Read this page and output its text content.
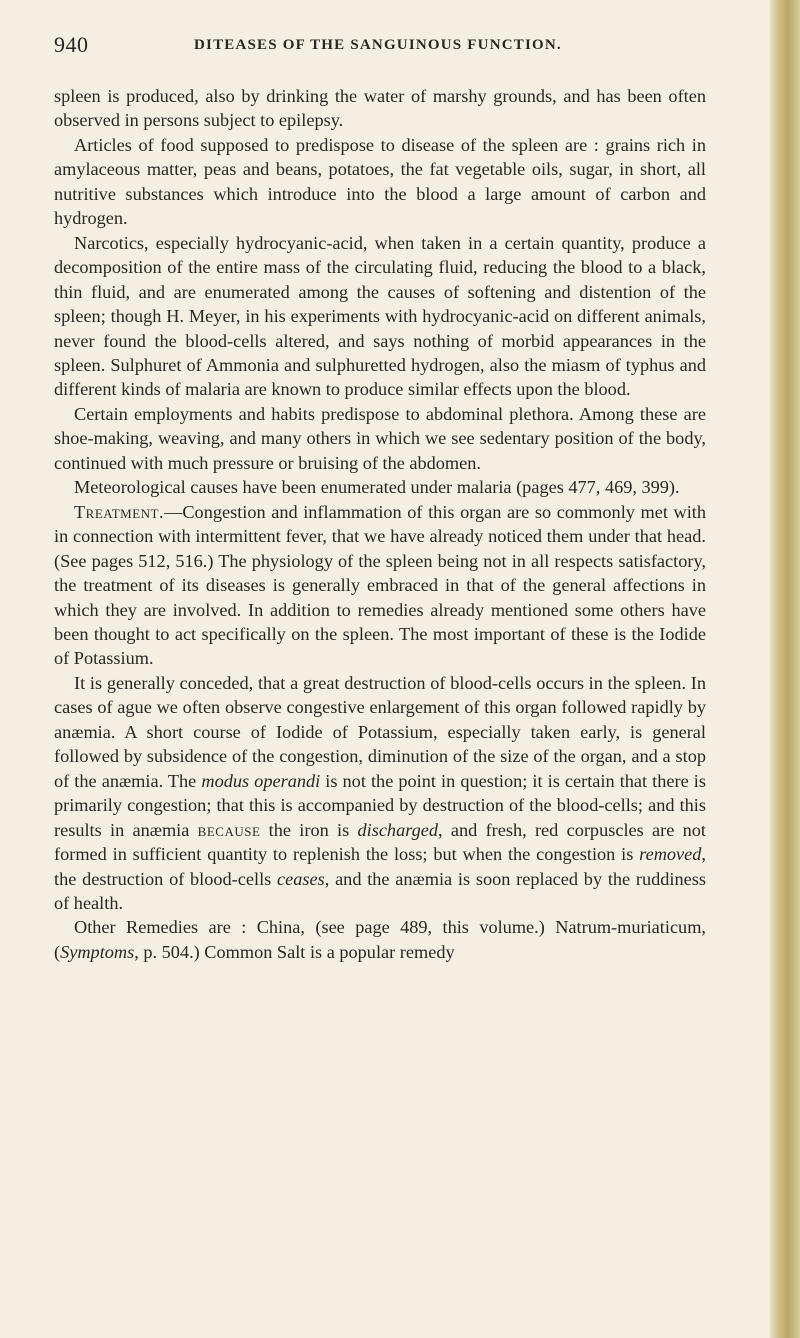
940	DITEASES OF THE SANGUINOUS FUNCTION.

spleen is produced, also by drinking the water of marshy grounds, and has been often observed in persons subject to epilepsy.

Articles of food supposed to predispose to disease of the spleen are : grains rich in amylaceous matter, peas and beans, potatoes, the fat vegetable oils, sugar, in short, all nutritive substances which introduce into the blood a large amount of carbon and hydrogen.

Narcotics, especially hydrocyanic-acid, when taken in a certain quantity, produce a decomposition of the entire mass of the circulating fluid, reducing the blood to a black, thin fluid, and are enumerated among the causes of softening and distention of the spleen; though H. Meyer, in his experiments with hydrocyanic-acid on different animals, never found the blood-cells altered, and says nothing of morbid appearances in the spleen. Sulphuret of Ammonia and sulphuretted hydrogen, also the miasm of typhus and different kinds of malaria are known to produce similar effects upon the blood.

Certain employments and habits predispose to abdominal plethora. Among these are shoe-making, weaving, and many others in which we see sedentary position of the body, continued with much pressure or bruising of the abdomen.

Meteorological causes have been enumerated under malaria (pages 477, 469, 399).

Treatment.—Congestion and inflammation of this organ are so commonly met with in connection with intermittent fever, that we have already noticed them under that head. (See pages 512, 516.) The physiology of the spleen being not in all respects satisfactory, the treatment of its diseases is generally embraced in that of the general affections in which they are involved. In addition to remedies already mentioned some others have been thought to act specifically on the spleen. The most important of these is the Iodide of Potassium.

It is generally conceded, that a great destruction of blood-cells occurs in the spleen. In cases of ague we often observe congestive enlargement of this organ followed rapidly by anæmia. A short course of Iodide of Potassium, especially taken early, is general followed by subsidence of the congestion, diminution of the size of the organ, and a stop of the anæmia. The modus operandi is not the point in question; it is certain that there is primarily congestion; that this is accompanied by destruction of the blood-cells; and this results in anæmia because the iron is discharged, and fresh, red corpuscles are not formed in sufficient quantity to replenish the loss; but when the congestion is removed, the destruction of blood-cells ceases, and the anæmia is soon replaced by the ruddiness of health.

Other Remedies are : China, (see page 489, this volume.) Natrum-muriaticum, (Symptoms, p. 504.) Common Salt is a popular remedy
